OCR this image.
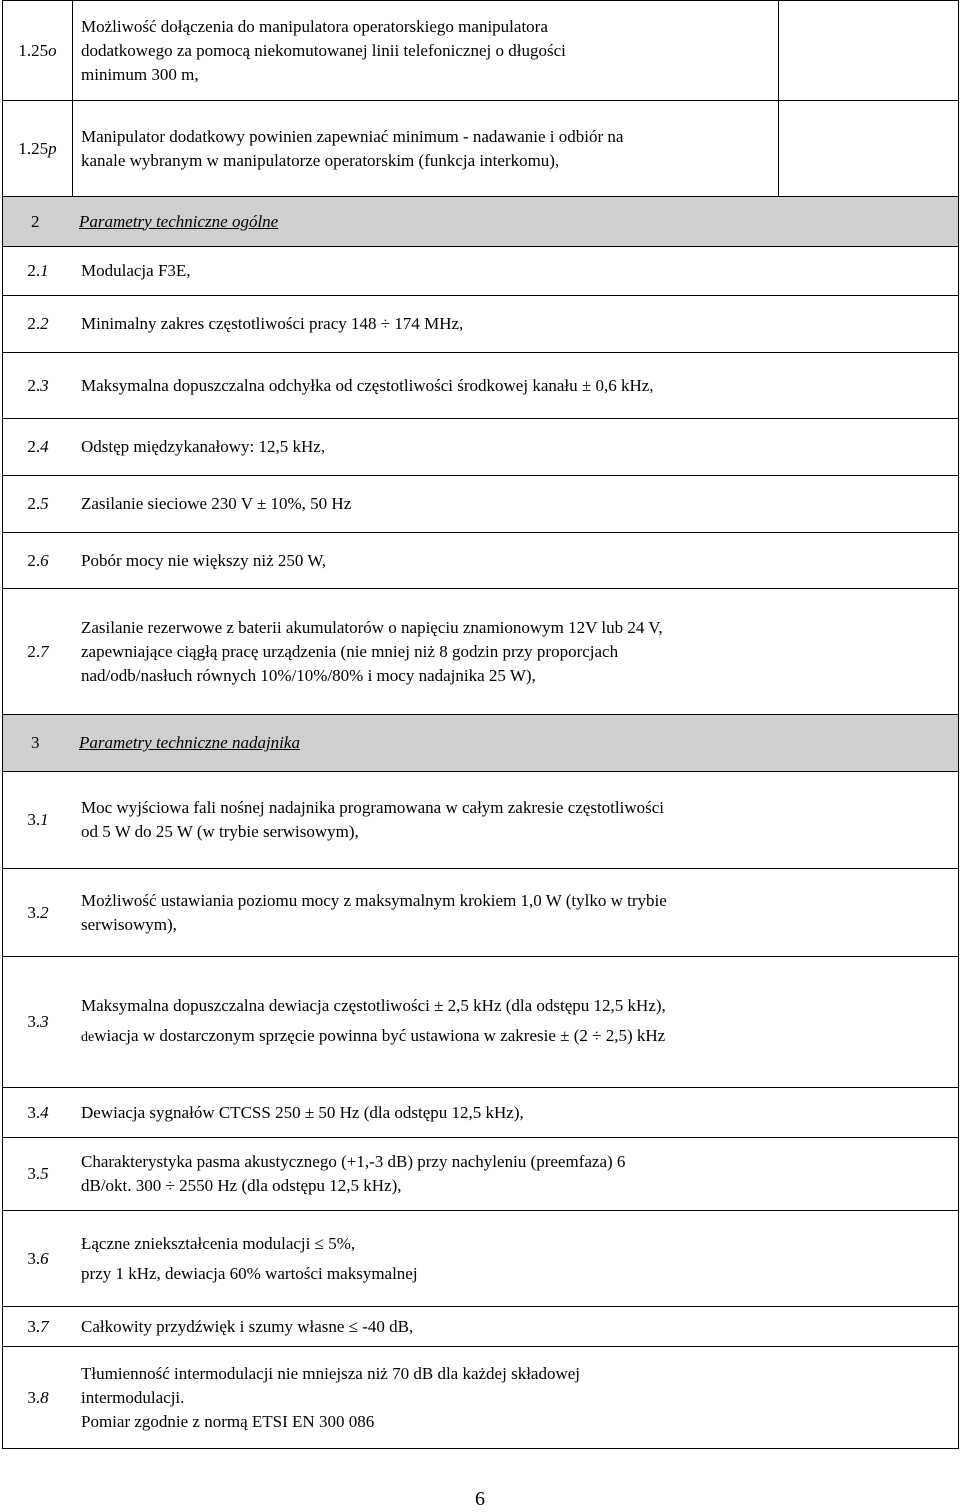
1.25o	Możliwość dołączenia do manipulatora operatorskiego manipulatora
dodatkowego za pomocą niekomutowanej linii telefonicznej o długości
minimum 300 m,	

1.25p	Manipulator dodatkowy powinien zapewniać minimum - nadawanie i odbiór na
kanale wybranym w manipulatorze operatorskim (funkcja interkomu),	

2 Parametry techniczne ogólne		

2.1 Modulacja F3E,		

2.2 Minimalny zakres częstotliwości pracy 148 ÷ 174 MHz,		

2.3 Maksymalna dopuszczalna odchyłka od częstotliwości środkowej kanału ± 0,6 kHz,		

2.4 Odstęp międzykanałowy: 12,5 kHz,		

2.5 Zasilanie sieciowe 230 V ± 10%, 50 Hz		

2.6 Pobór mocy nie większy niż 250 W,		

2.7
Zasilanie rezerwowe z baterii akumulatorów o napięciu znamionowym 12V lub 24 V,
zapewniające ciągłą pracę urządzenia (nie mniej niż 8 godzin przy proporcjach
nad/odb/nasłuch równych 10%/10%/80% i mocy nadajnika 25 W),		

3 Parametry techniczne nadajnika		

3.1
Moc wyjściowa fali nośnej nadajnika programowana w całym zakresie częstotliwości
od 5 W do 25 W (w trybie serwisowym),		

3.2
Możliwość ustawiania poziomu mocy z maksymalnym krokiem 1,0 W (tylko w trybie
serwisowym),		

3.3
Maksymalna dopuszczalna dewiacja częstotliwości ± 2,5 kHz (dla odstępu 12,5 kHz),
dewiacja w dostarczonym sprzęcie powinna być ustawiona w zakresie ± (2 ÷ 2,5) kHz		

3.4 Dewiacja sygnałów CTCSS 250 ± 50 Hz (dla odstępu 12,5 kHz),		

3.5
Charakterystyka pasma akustycznego (+1,-3 dB) przy nachyleniu (preemfaza) 6
dB/okt. 300 ÷ 2550 Hz (dla odstępu 12,5 kHz),		

3.6
Łączne zniekształcenia modulacji ≤ 5%,
przy 1 kHz, dewiacja 60% wartości maksymalnej		

3.7 Całkowity przydźwięk i szumy własne ≤ -40 dB,		

3.8
Tłumienność intermodulacji nie mniejsza niż 70 dB dla każdej składowej
intermodulacji.
Pomiar zgodnie z normą ETSI EN 300 086		
6
